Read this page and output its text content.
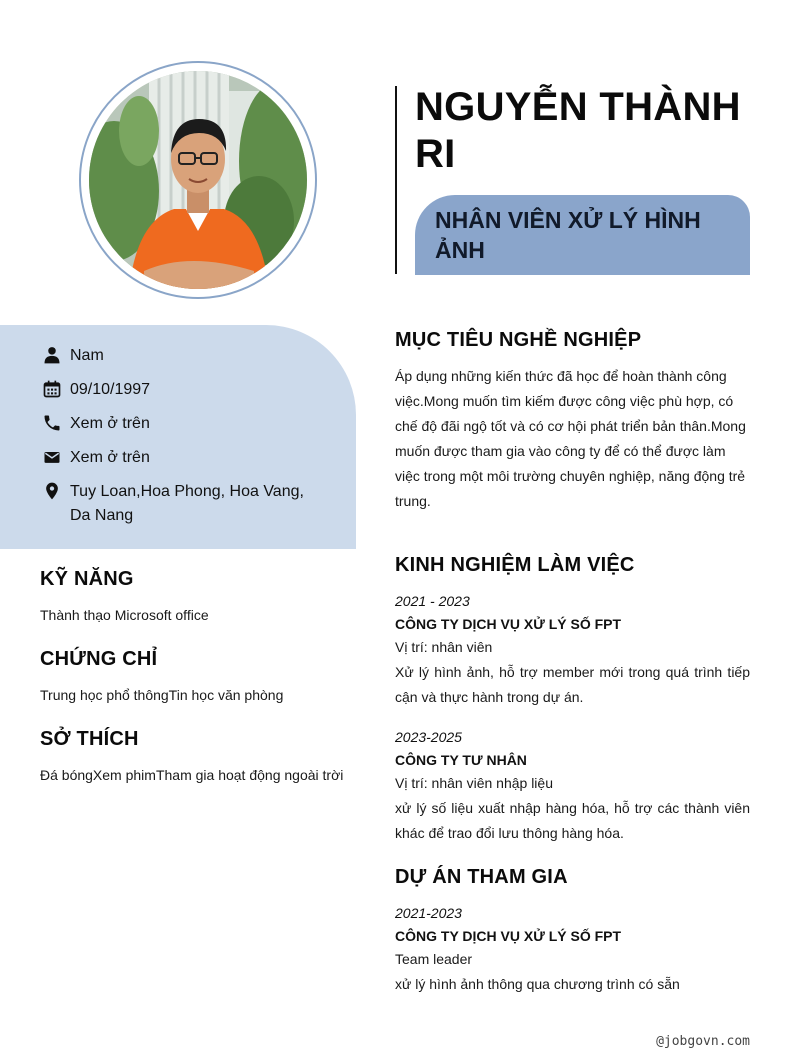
NGUYỄN THÀNH RI
NHÂN VIÊN XỬ LÝ HÌNH ẢNH
Nam
09/10/1997
Xem ở trên
Xem ở trên
Tuy Loan,Hoa Phong, Hoa Vang, Da Nang
KỸ NĂNG
Thành thạo Microsoft office
CHỨNG CHỈ
Trung học phổ thôngTin học văn phòng
SỞ THÍCH
Đá bóngXem phimTham gia hoạt động ngoài trời
MỤC TIÊU NGHỀ NGHIỆP
Áp dụng những kiến thức đã học để hoàn thành công việc.Mong muốn tìm kiếm được công việc phù hợp, có chế độ đãi ngộ tốt và có cơ hội phát triển bản thân.Mong muốn được tham gia vào công ty để có thể được làm việc trong một môi trường chuyên nghiệp, năng động trẻ trung.
KINH NGHIỆM LÀM VIỆC
2021 - 2023
CÔNG TY DỊCH VỤ XỬ LÝ SỐ FPT
Vị trí: nhân viên
Xử lý hình ảnh, hỗ trợ member mới trong quá trình tiếp cận và thực hành trong dự án.
2023-2025
CÔNG TY TƯ NHÂN
Vị trí: nhân viên nhập liệu
xử lý số liệu xuất nhập hàng hóa, hỗ trợ các thành viên khác để trao đổi lưu thông hàng hóa.
DỰ ÁN THAM GIA
2021-2023
CÔNG TY DỊCH VỤ XỬ LÝ SỐ FPT
Team leader
xử lý hình ảnh thông qua chương trình có sẵn
@jobgovn.com
